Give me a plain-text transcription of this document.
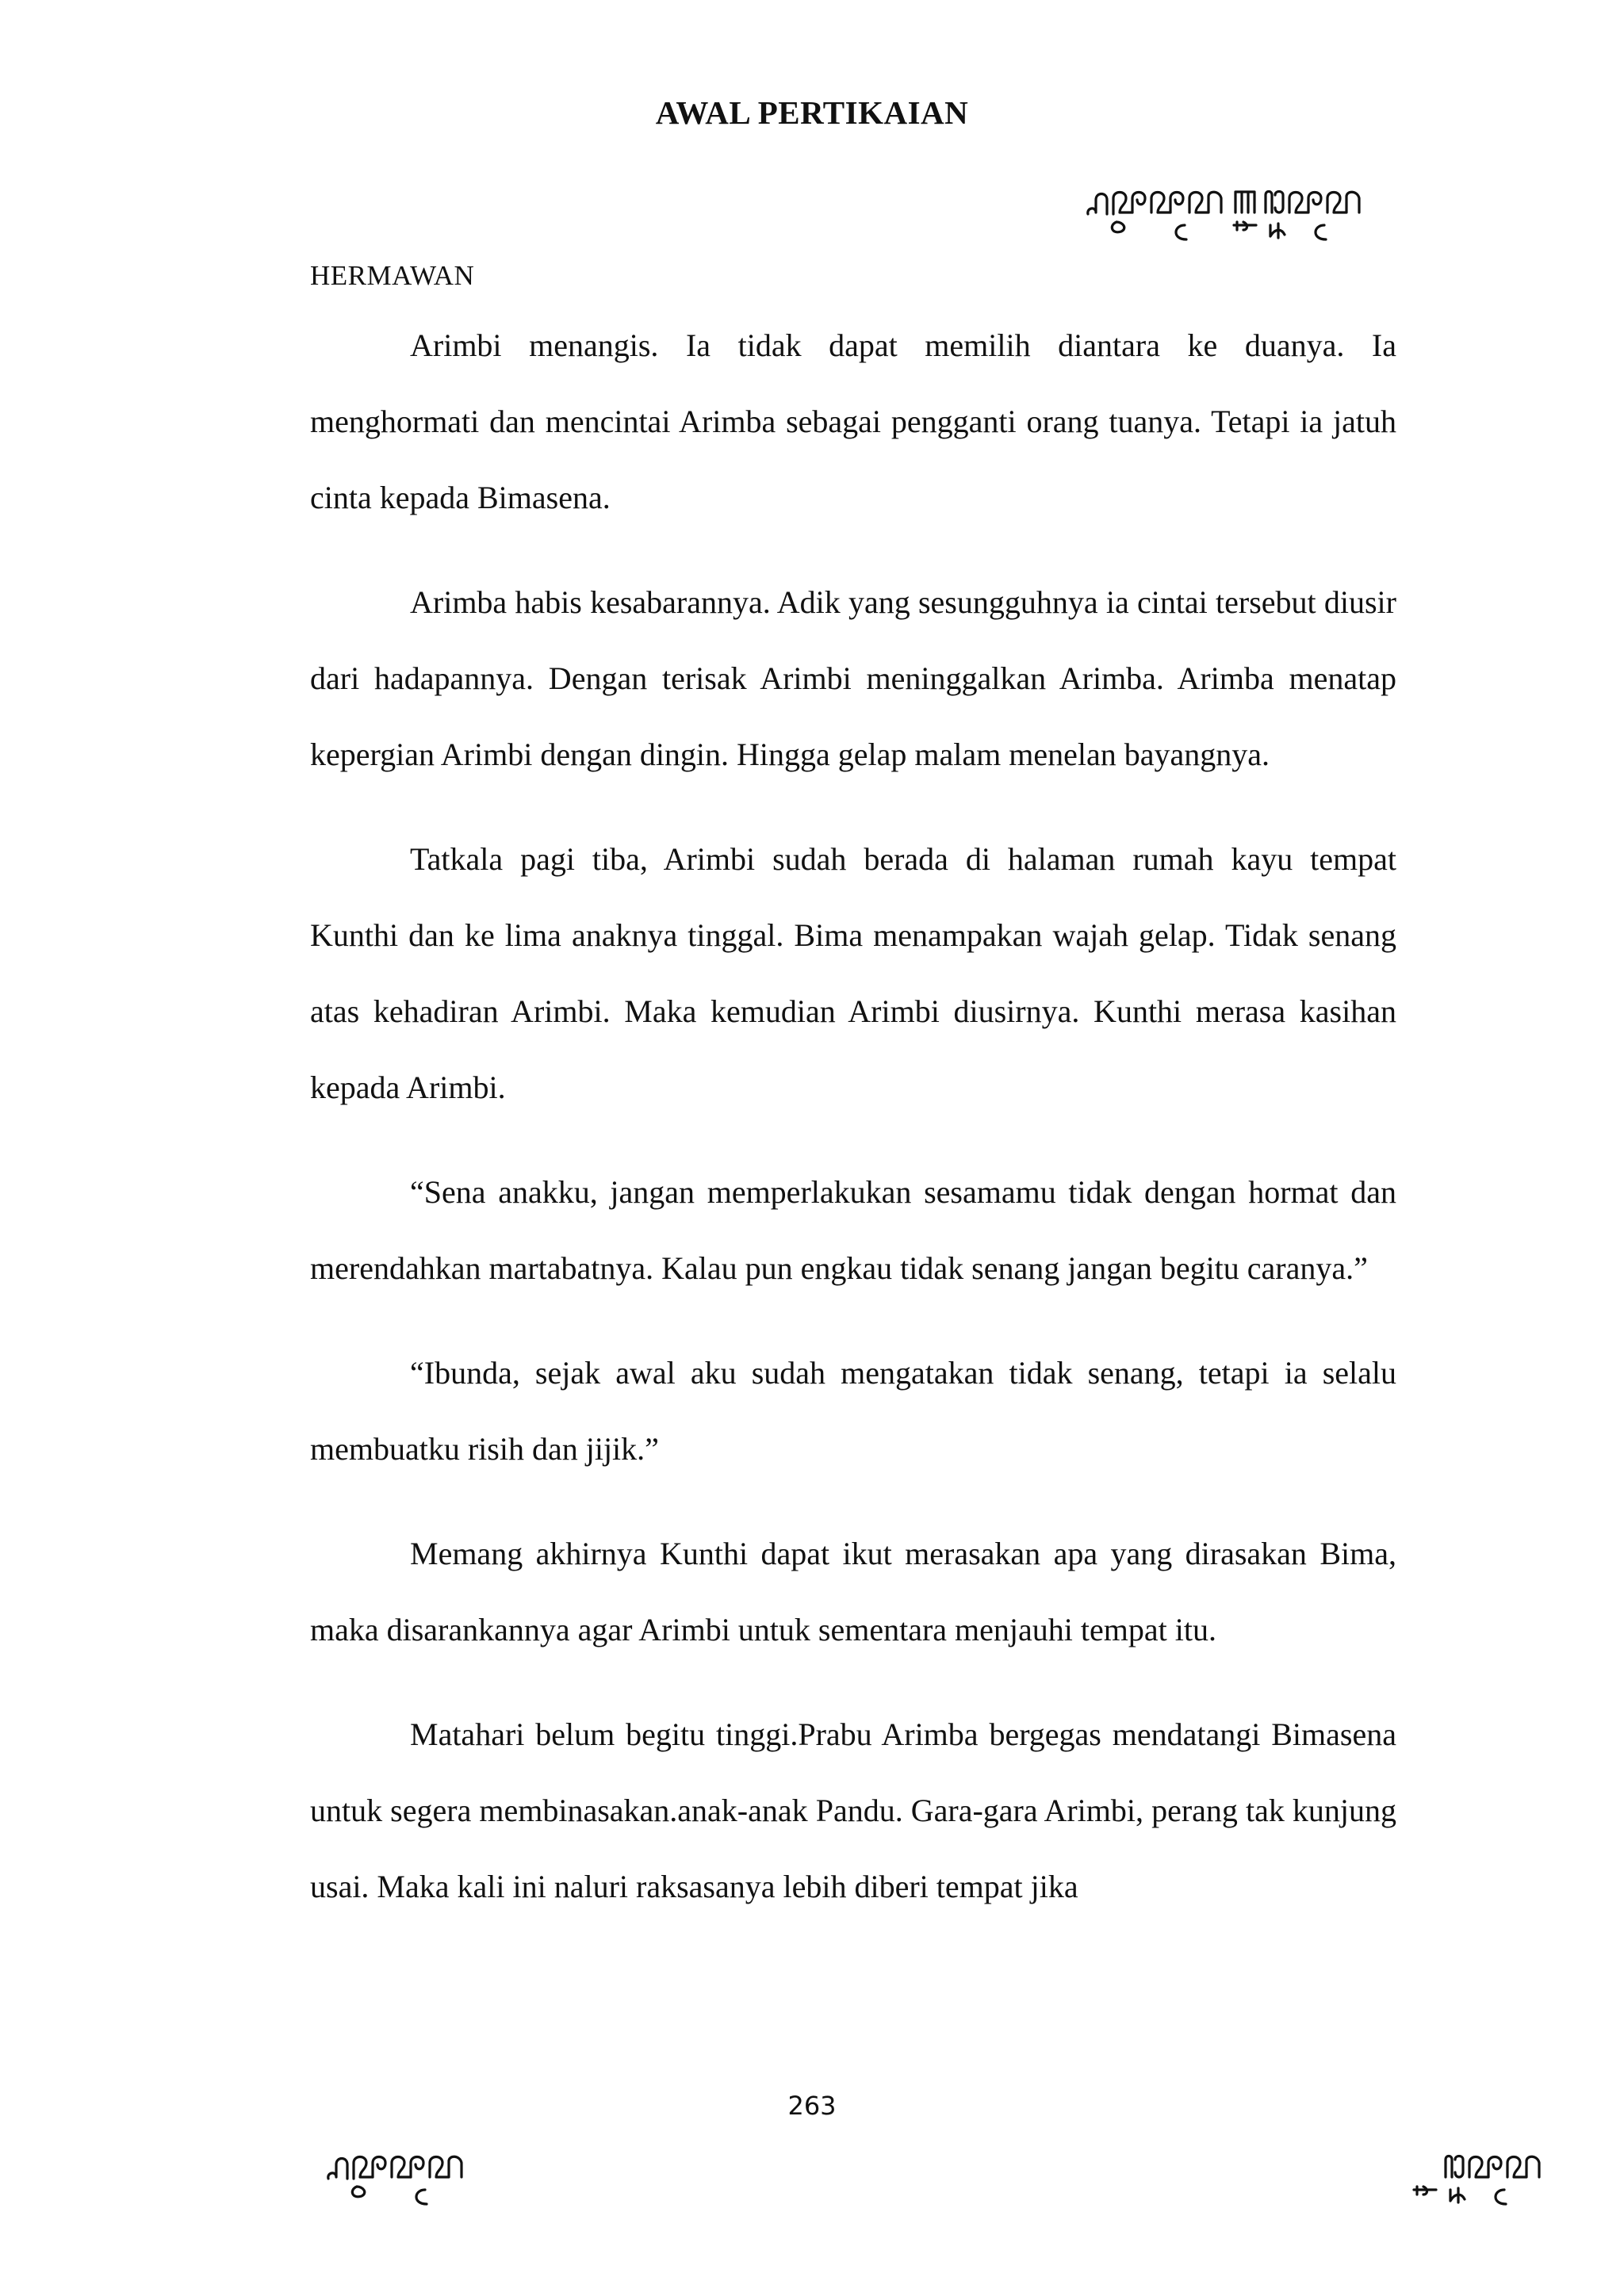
AWAL PERTIKAIAN
HERMAWAN

Arimbi menangis. Ia tidak dapat memilih diantara ke duanya. Ia menghormati dan mencintai Arimba sebagai pengganti orang tuanya. Tetapi ia jatuh cinta kepada Bimasena.

Arimba habis kesabarannya. Adik yang sesungguhnya ia cintai tersebut diusir dari hadapannya. Dengan terisak Arimbi meninggalkan Arimba. Arimba menatap kepergian Arimbi dengan dingin. Hingga gelap malam menelan bayangnya.

Tatkala pagi tiba, Arimbi sudah berada di halaman rumah kayu tempat Kunthi dan ke lima anaknya tinggal. Bima menampakan wajah gelap. Tidak senang atas kehadiran Arimbi. Maka kemudian Arimbi diusirnya. Kunthi merasa kasihan kepada Arimbi.

“Sena anakku, jangan memperlakukan sesamamu tidak dengan hormat dan merendahkan martabatnya. Kalau pun engkau tidak senang jangan begitu caranya.”

“Ibunda, sejak awal aku sudah mengatakan tidak senang, tetapi ia selalu membuatku risih dan jijik.”

Memang akhirnya Kunthi dapat ikut merasakan apa yang dirasakan Bima, maka disarankannya agar Arimbi untuk sementara menjauhi tempat itu.

Matahari belum begitu tinggi.Prabu Arimba bergegas mendatangi Bimasena untuk segera membinasakan.anak-anak Pandu. Gara-gara Arimbi, perang tak kunjung usai. Maka kali ini naluri raksasanya lebih diberi tempat jika

263
